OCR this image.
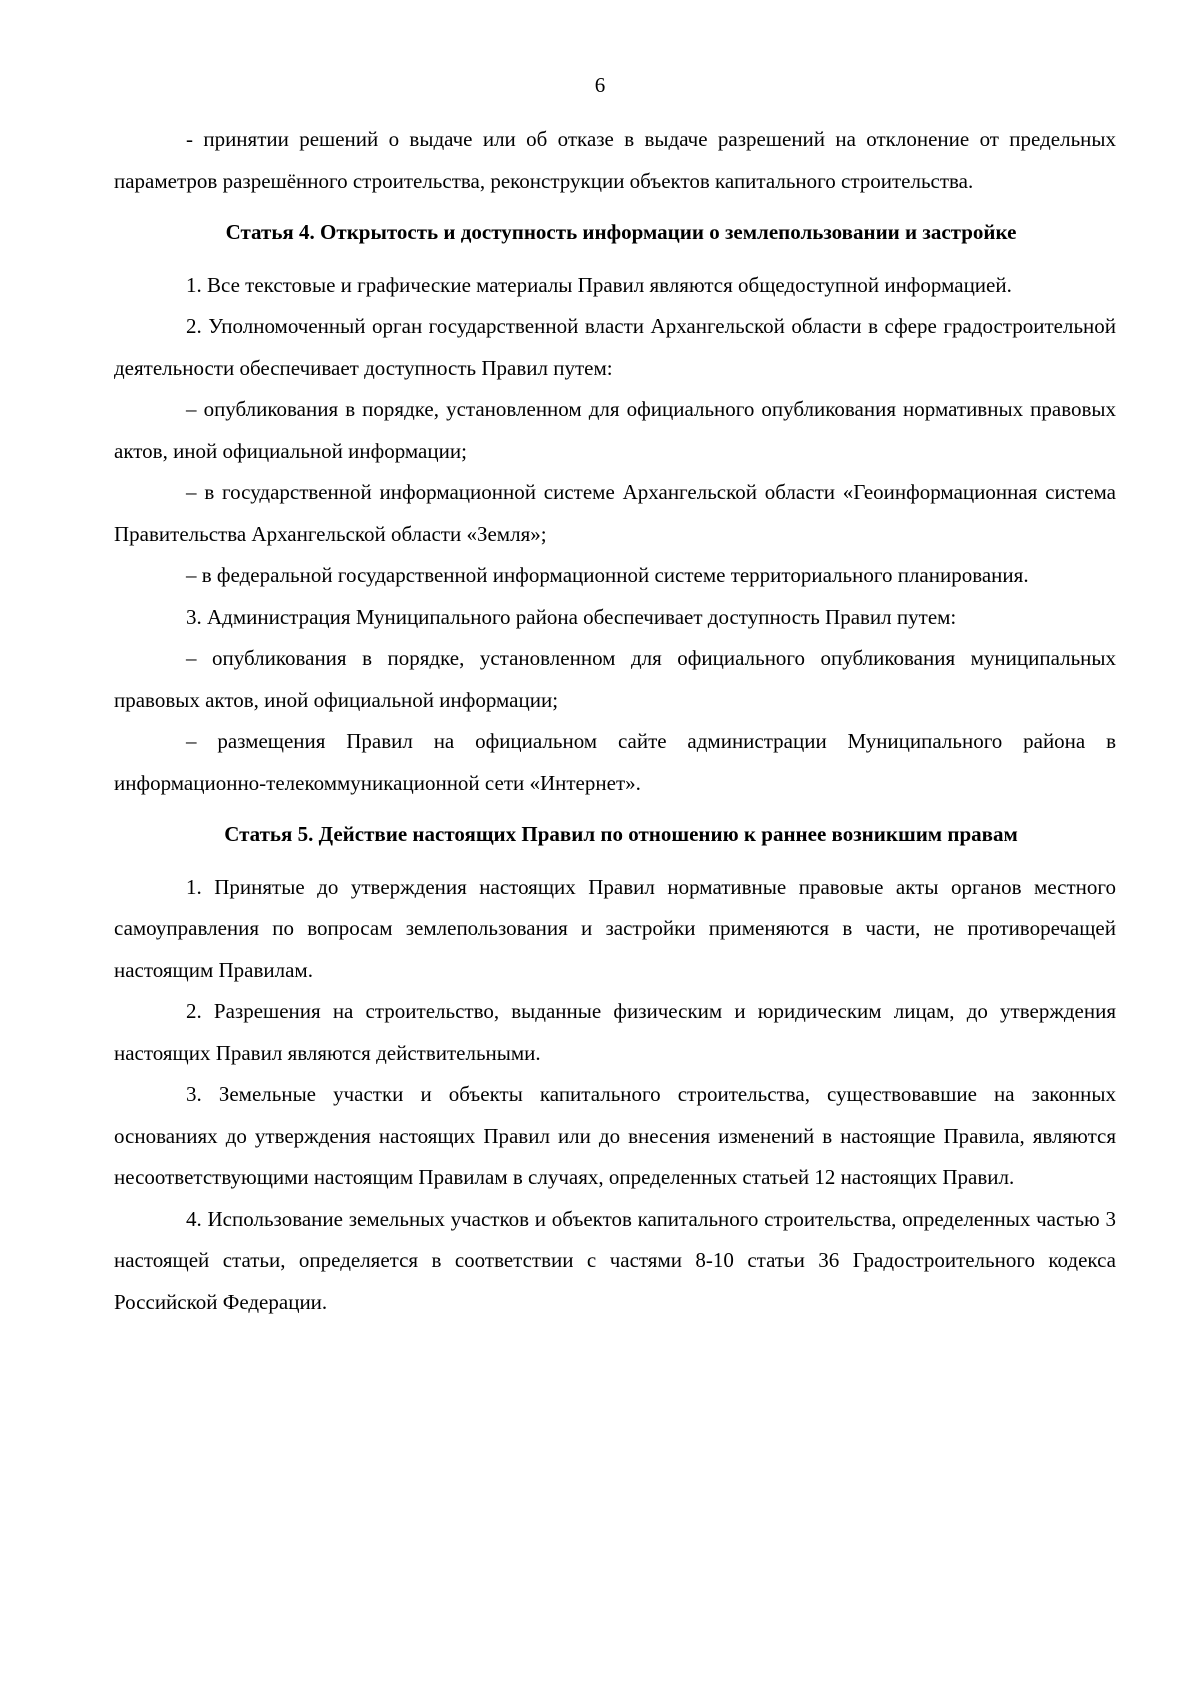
6

- принятии решений о выдаче или об отказе в выдаче разрешений на отклонение от предельных параметров разрешённого строительства, реконструкции объектов капитального строительства.

Статья 4. Открытость и доступность информации о землепользовании и застройке

1. Все текстовые и графические материалы Правил являются общедоступной информацией.

2. Уполномоченный орган государственной власти Архангельской области в сфере градостроительной деятельности обеспечивает доступность Правил путем:

– опубликования в порядке, установленном для официального опубликования нормативных правовых актов, иной официальной информации;

– в государственной информационной системе Архангельской области «Геоинформационная система Правительства Архангельской области «Земля»;

– в федеральной государственной информационной системе территориального планирования.

3. Администрация Муниципального района обеспечивает доступность Правил путем:

– опубликования в порядке, установленном для официального опубликования муниципальных правовых актов, иной официальной информации;

– размещения Правил на официальном сайте администрации Муниципального района в информационно-телекоммуникационной сети «Интернет».

Статья 5. Действие настоящих Правил по отношению к раннее возникшим правам

1. Принятые до утверждения настоящих Правил нормативные правовые акты органов местного самоуправления по вопросам землепользования и застройки применяются в части, не противоречащей настоящим Правилам.

2. Разрешения на строительство, выданные физическим и юридическим лицам, до утверждения настоящих Правил являются действительными.

3. Земельные участки и объекты капитального строительства, существовавшие на законных основаниях до утверждения настоящих Правил или до внесения изменений в настоящие Правила, являются несоответствующими настоящим Правилам в случаях, определенных статьей 12 настоящих Правил.

4. Использование земельных участков и объектов капитального строительства, определенных частью 3 настоящей статьи, определяется в соответствии с частями 8-10 статьи 36 Градостроительного кодекса Российской Федерации.
